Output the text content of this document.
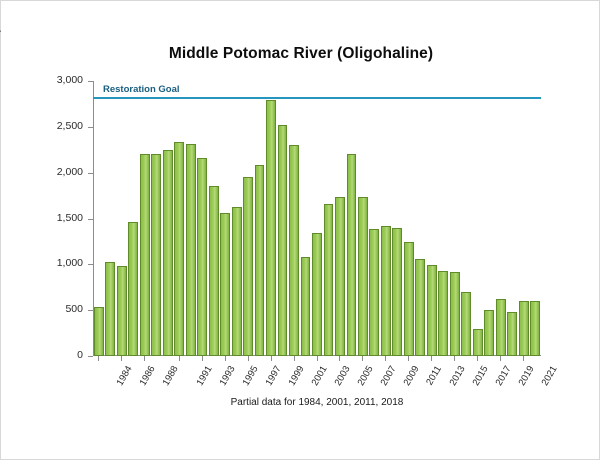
Middle Potomac River (Oligohaline)
0
500
1,000
1,500
2,000
2,500
3,000
Restoration Goal
1984 1986 1988 1991 1993 1995 1997 1999 2001 2003 2005 2007 2009 2011 2013 2015 2017 2019 2021
Partial data for 1984, 2001, 2011, 2018
